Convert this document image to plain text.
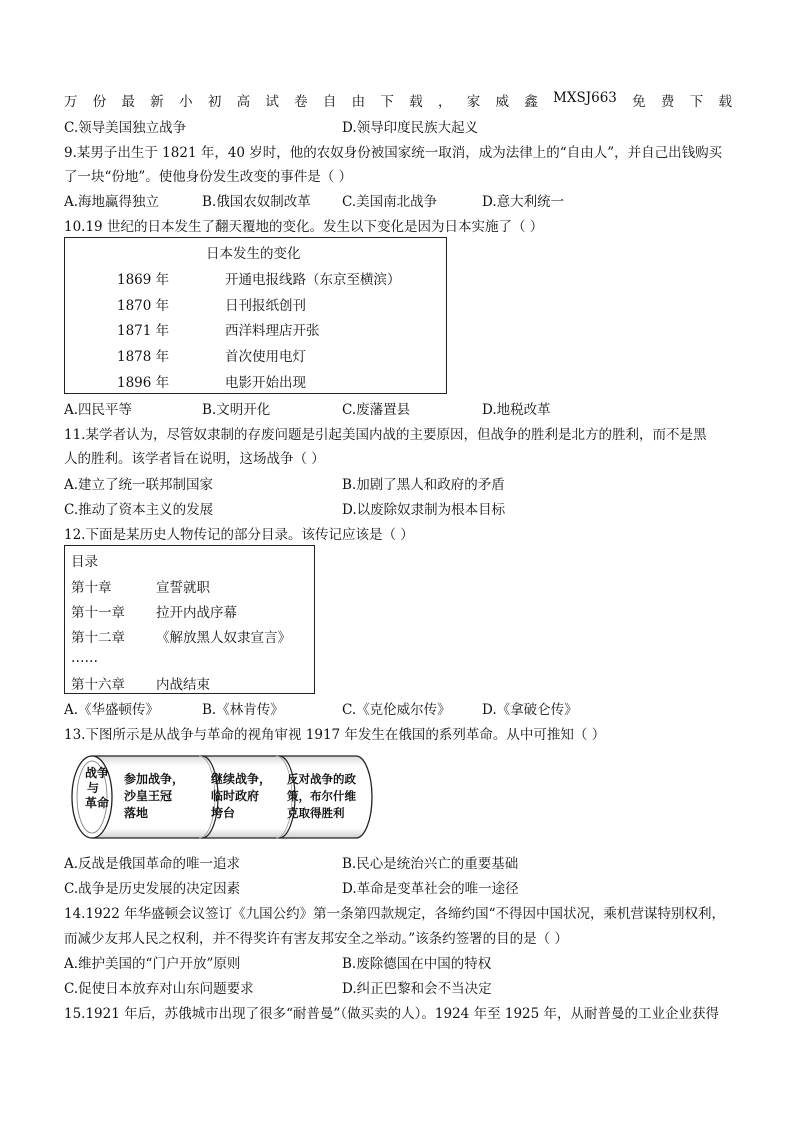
万 份 最 新 小 初 高 试 卷 自 由 下 载 ， 家 威 鑫 MXSJ663 免 费 下 载
C.领导美国独立战争	D.领导印度民族大起义
9.某男子出生于 1821 年，40 岁时，他的农奴身份被国家统一取消，成为法律上的“自由人”，并自己出钱购买
了一块“份地”。使他身份发生改变的事件是（ ）
A.海地赢得独立	B.俄国农奴制改革 C.美国南北战争	D.意大利统一
10.19 世纪的日本发生了翻天覆地的变化。发生以下变化是因为日本实施了（ ）
日本发生的变化
1869 年	开通电报线路（东京至横滨）
1870 年	日刊报纸创刊
1871 年	西洋料理店开张
1878 年	首次使用电灯
1896 年	电影开始出现
A.四民平等	B.文明开化	C.废藩置县	D.地税改革
11.某学者认为，尽管奴隶制的存废问题是引起美国内战的主要原因，但战争的胜利是北方的胜利，而不是黑
人的胜利。该学者旨在说明，这场战争（ ）
A.建立了统一联邦制国家	B.加剧了黑人和政府的矛盾
C.推动了资本主义的发展	D.以废除奴隶制为根本目标
12.下面是某历史人物传记的部分目录。该传记应该是（ ）
目录
第十章	宣誓就职
第十一章 拉开内战序幕
第十二章 《解放黑人奴隶宣言》
……
第十六章 内战结束
A.《华盛顿传》	B.《林肯传》	C.《克伦威尔传》 D.《拿破仑传》
13.下图所示是从战争与革命的视角审视 1917 年发生在俄国的系列革命。从中可推知（ ）
战争
与
革命
参加战争，
沙皇王冠
落地
继续战争，
临时政府
垮台
反对战争的政
策，布尔什维
克取得胜利
A.反战是俄国革命的唯一追求	B.民心是统治兴亡的重要基础
C.战争是历史发展的决定因素	D.革命是变革社会的唯一途径
14.1922 年华盛顿会议签订《九国公约》第一条第四款规定，各缔约国“不得因中国状况，乘机营谋特别权利，
而减少友邦人民之权利，并不得奖许有害友邦安全之举动。”该条约签署的目的是（ ）
A.维护美国的“门户开放”原则	B.废除德国在中国的特权
C.促使日本放弃对山东问题要求	D.纠正巴黎和会不当决定
15.1921 年后，苏俄城市出现了很多“耐普曼”（做买卖的人）。1924 年至 1925 年，从耐普曼的工业企业获得
